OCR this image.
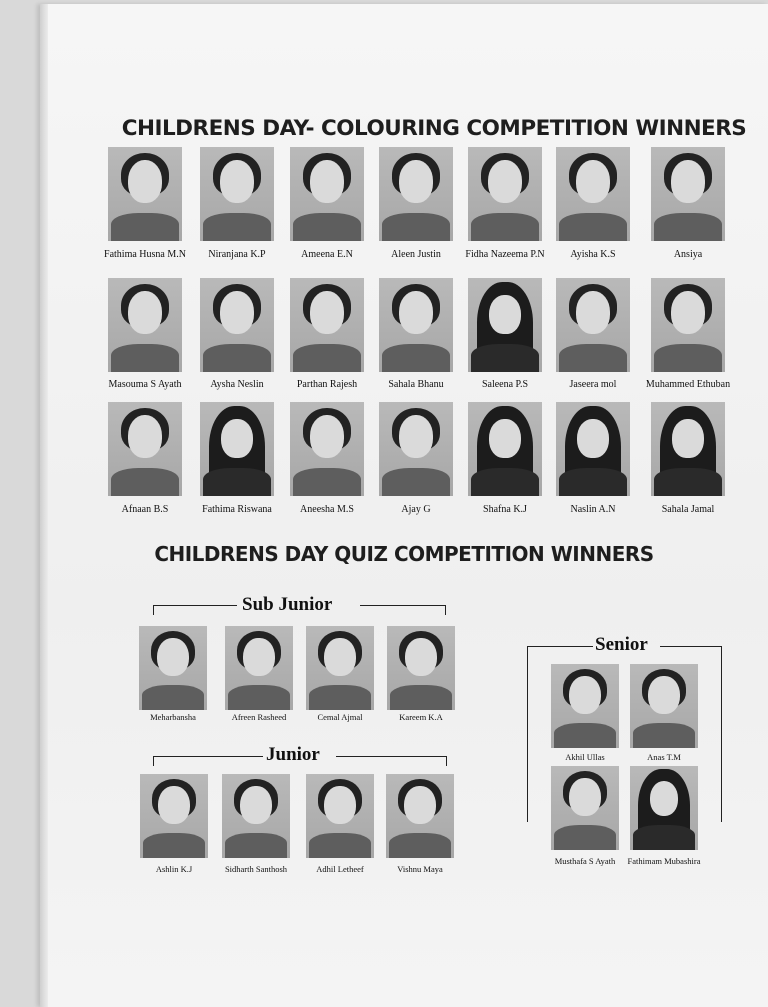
CHILDRENS DAY- COLOURING COMPETITION WINNERS
CHILDRENS DAY QUIZ COMPETITION WINNERS
Sub Junior
Junior
Senior
Fathima Husna M.N	Niranjana K.P	Ameena E.N	Aleen Justin	Fidha Nazeema P.N	Ayisha K.S	Ansiya
Masouma S Ayath	Aysha Neslin	Parthan Rajesh	Sahala Bhanu	Saleena P.S	Jaseera mol	Muhammed Ethuban
Afnaan B.S	Fathima Riswana	Aneesha M.S	Ajay G	Shafna K.J	Naslin A.N	Sahala Jamal
Meharbansha	Afreen Rasheed	Cemal Ajmal	Kareem K.A
Ashlin K.J	Sidharth Santhosh	Adhil Letheef	Vishnu Maya
Akhil Ullas	Anas T.M
Musthafa S Ayath	Fathimam Mubashira
